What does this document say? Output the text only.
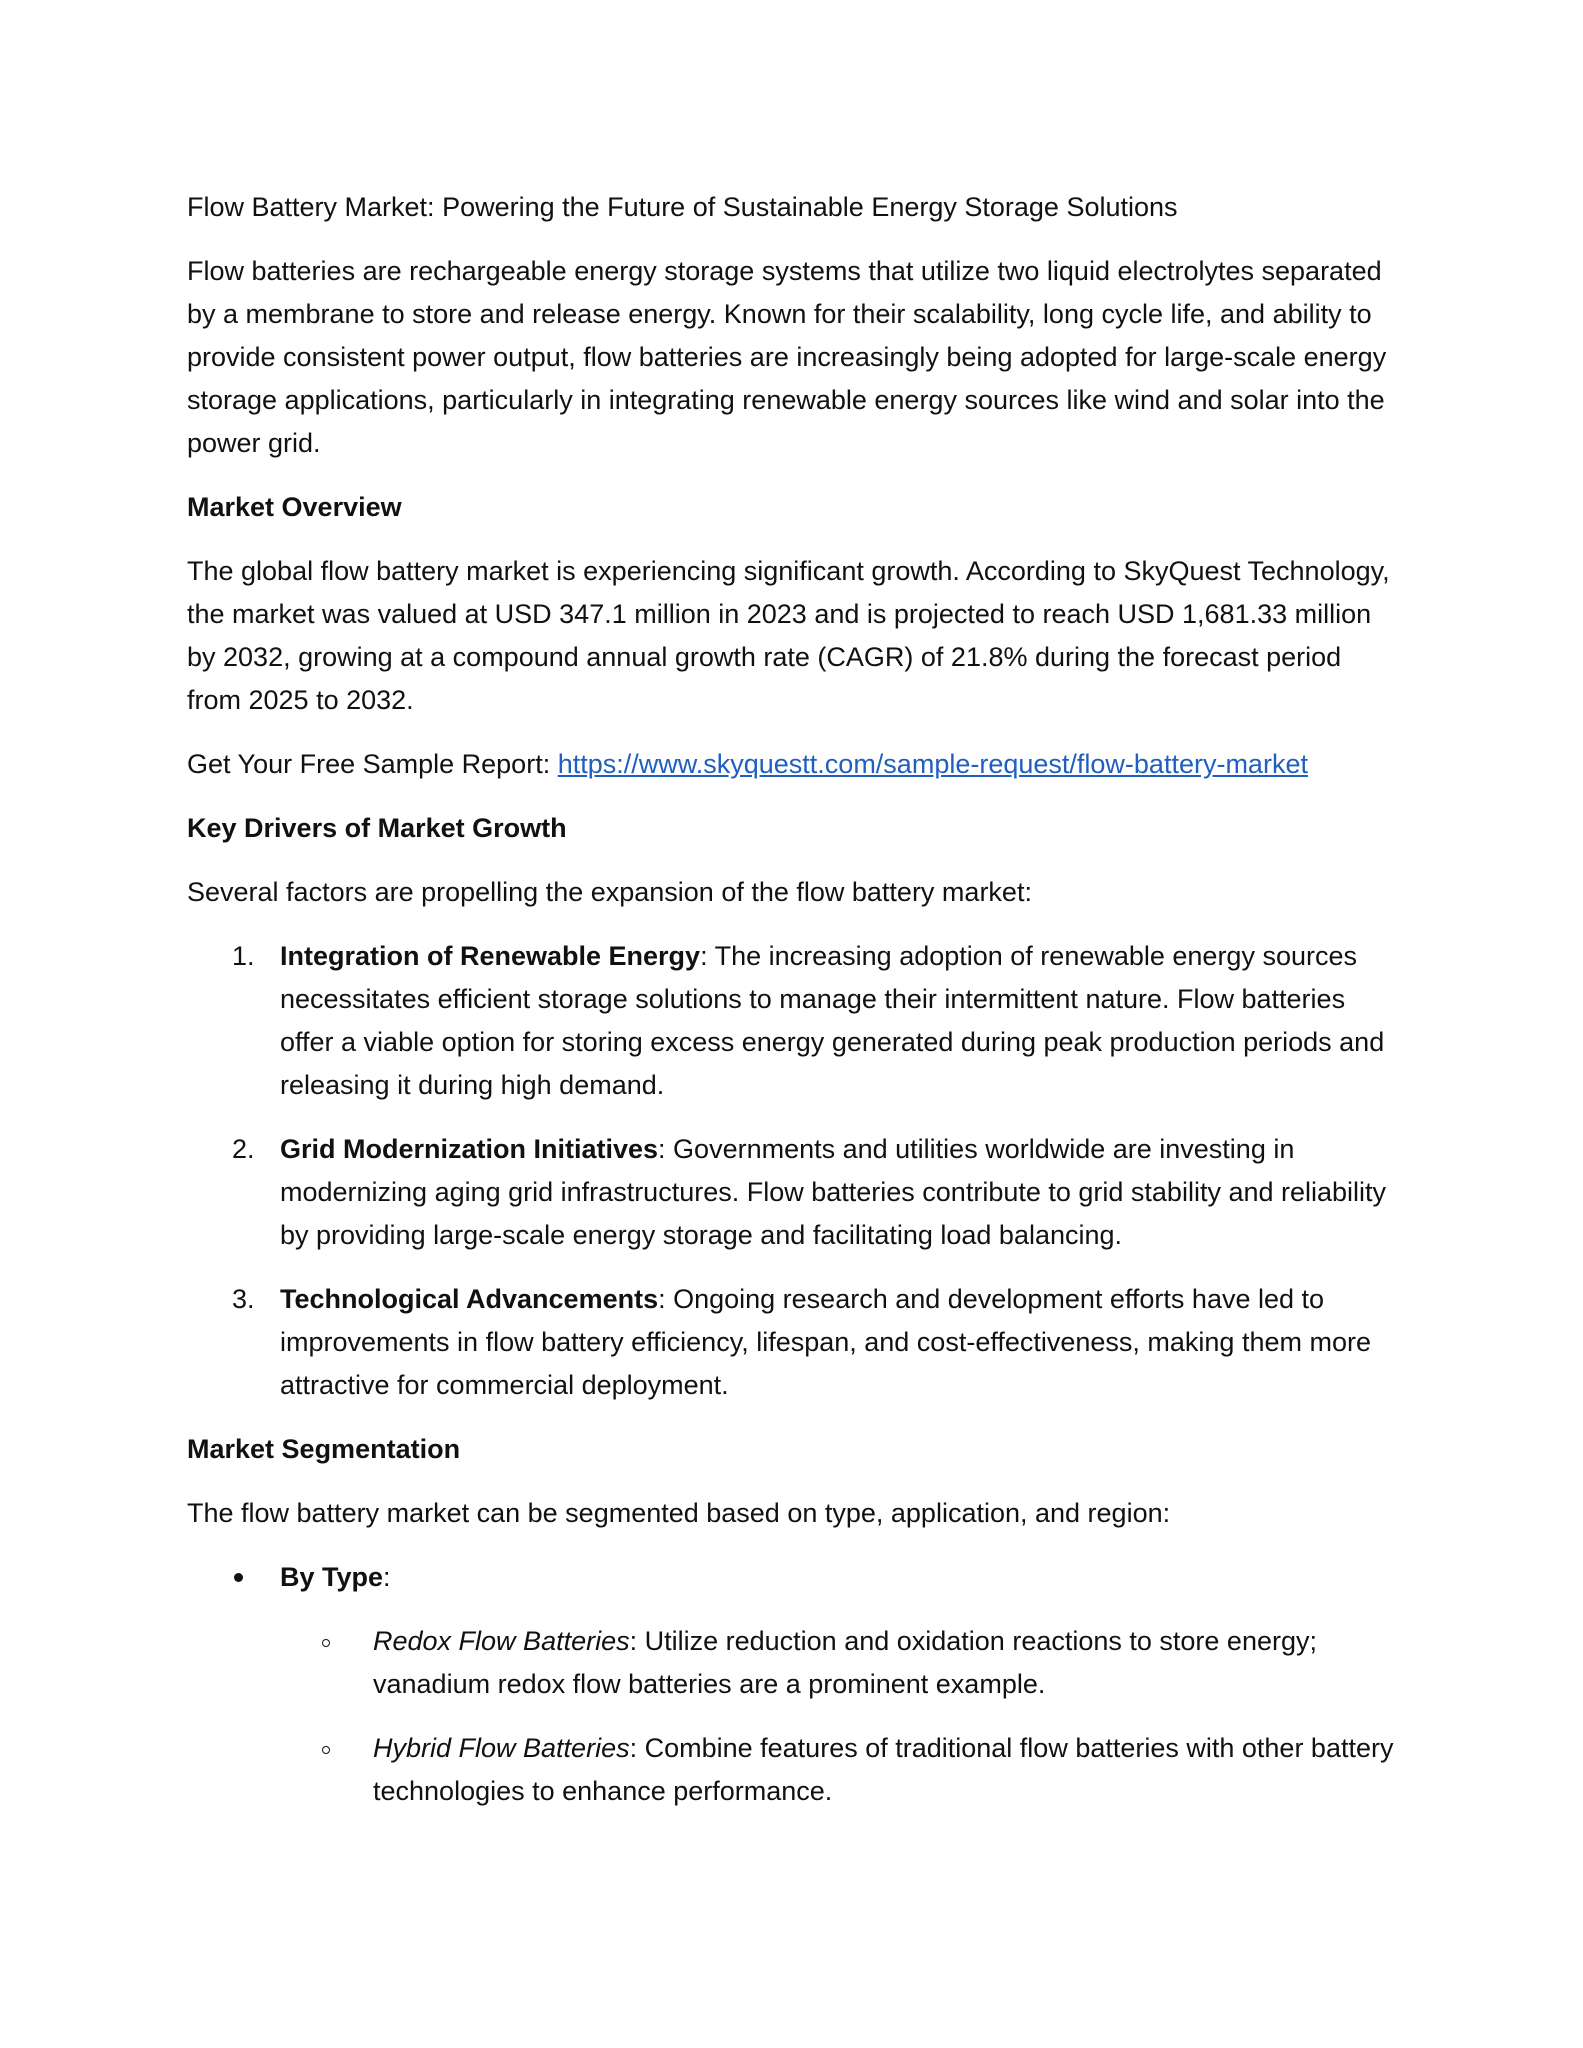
Flow Battery Market: Powering the Future of Sustainable Energy Storage Solutions

Flow batteries are rechargeable energy storage systems that utilize two liquid electrolytes separated by a membrane to store and release energy. Known for their scalability, long cycle life, and ability to provide consistent power output, flow batteries are increasingly being adopted for large-scale energy storage applications, particularly in integrating renewable energy sources like wind and solar into the power grid.

Market Overview

The global flow battery market is experiencing significant growth. According to SkyQuest Technology, the market was valued at USD 347.1 million in 2023 and is projected to reach USD 1,681.33 million by 2032, growing at a compound annual growth rate (CAGR) of 21.8% during the forecast period from 2025 to 2032.

Get Your Free Sample Report: https://www.skyquestt.com/sample-request/flow-battery-market

Key Drivers of Market Growth

Several factors are propelling the expansion of the flow battery market:

1. Integration of Renewable Energy: The increasing adoption of renewable energy sources necessitates efficient storage solutions to manage their intermittent nature. Flow batteries offer a viable option for storing excess energy generated during peak production periods and releasing it during high demand.
2. Grid Modernization Initiatives: Governments and utilities worldwide are investing in modernizing aging grid infrastructures. Flow batteries contribute to grid stability and reliability by providing large-scale energy storage and facilitating load balancing.
3. Technological Advancements: Ongoing research and development efforts have led to improvements in flow battery efficiency, lifespan, and cost-effectiveness, making them more attractive for commercial deployment.

Market Segmentation

The flow battery market can be segmented based on type, application, and region:

By Type:
Redox Flow Batteries: Utilize reduction and oxidation reactions to store energy; vanadium redox flow batteries are a prominent example.
Hybrid Flow Batteries: Combine features of traditional flow batteries with other battery technologies to enhance performance.
